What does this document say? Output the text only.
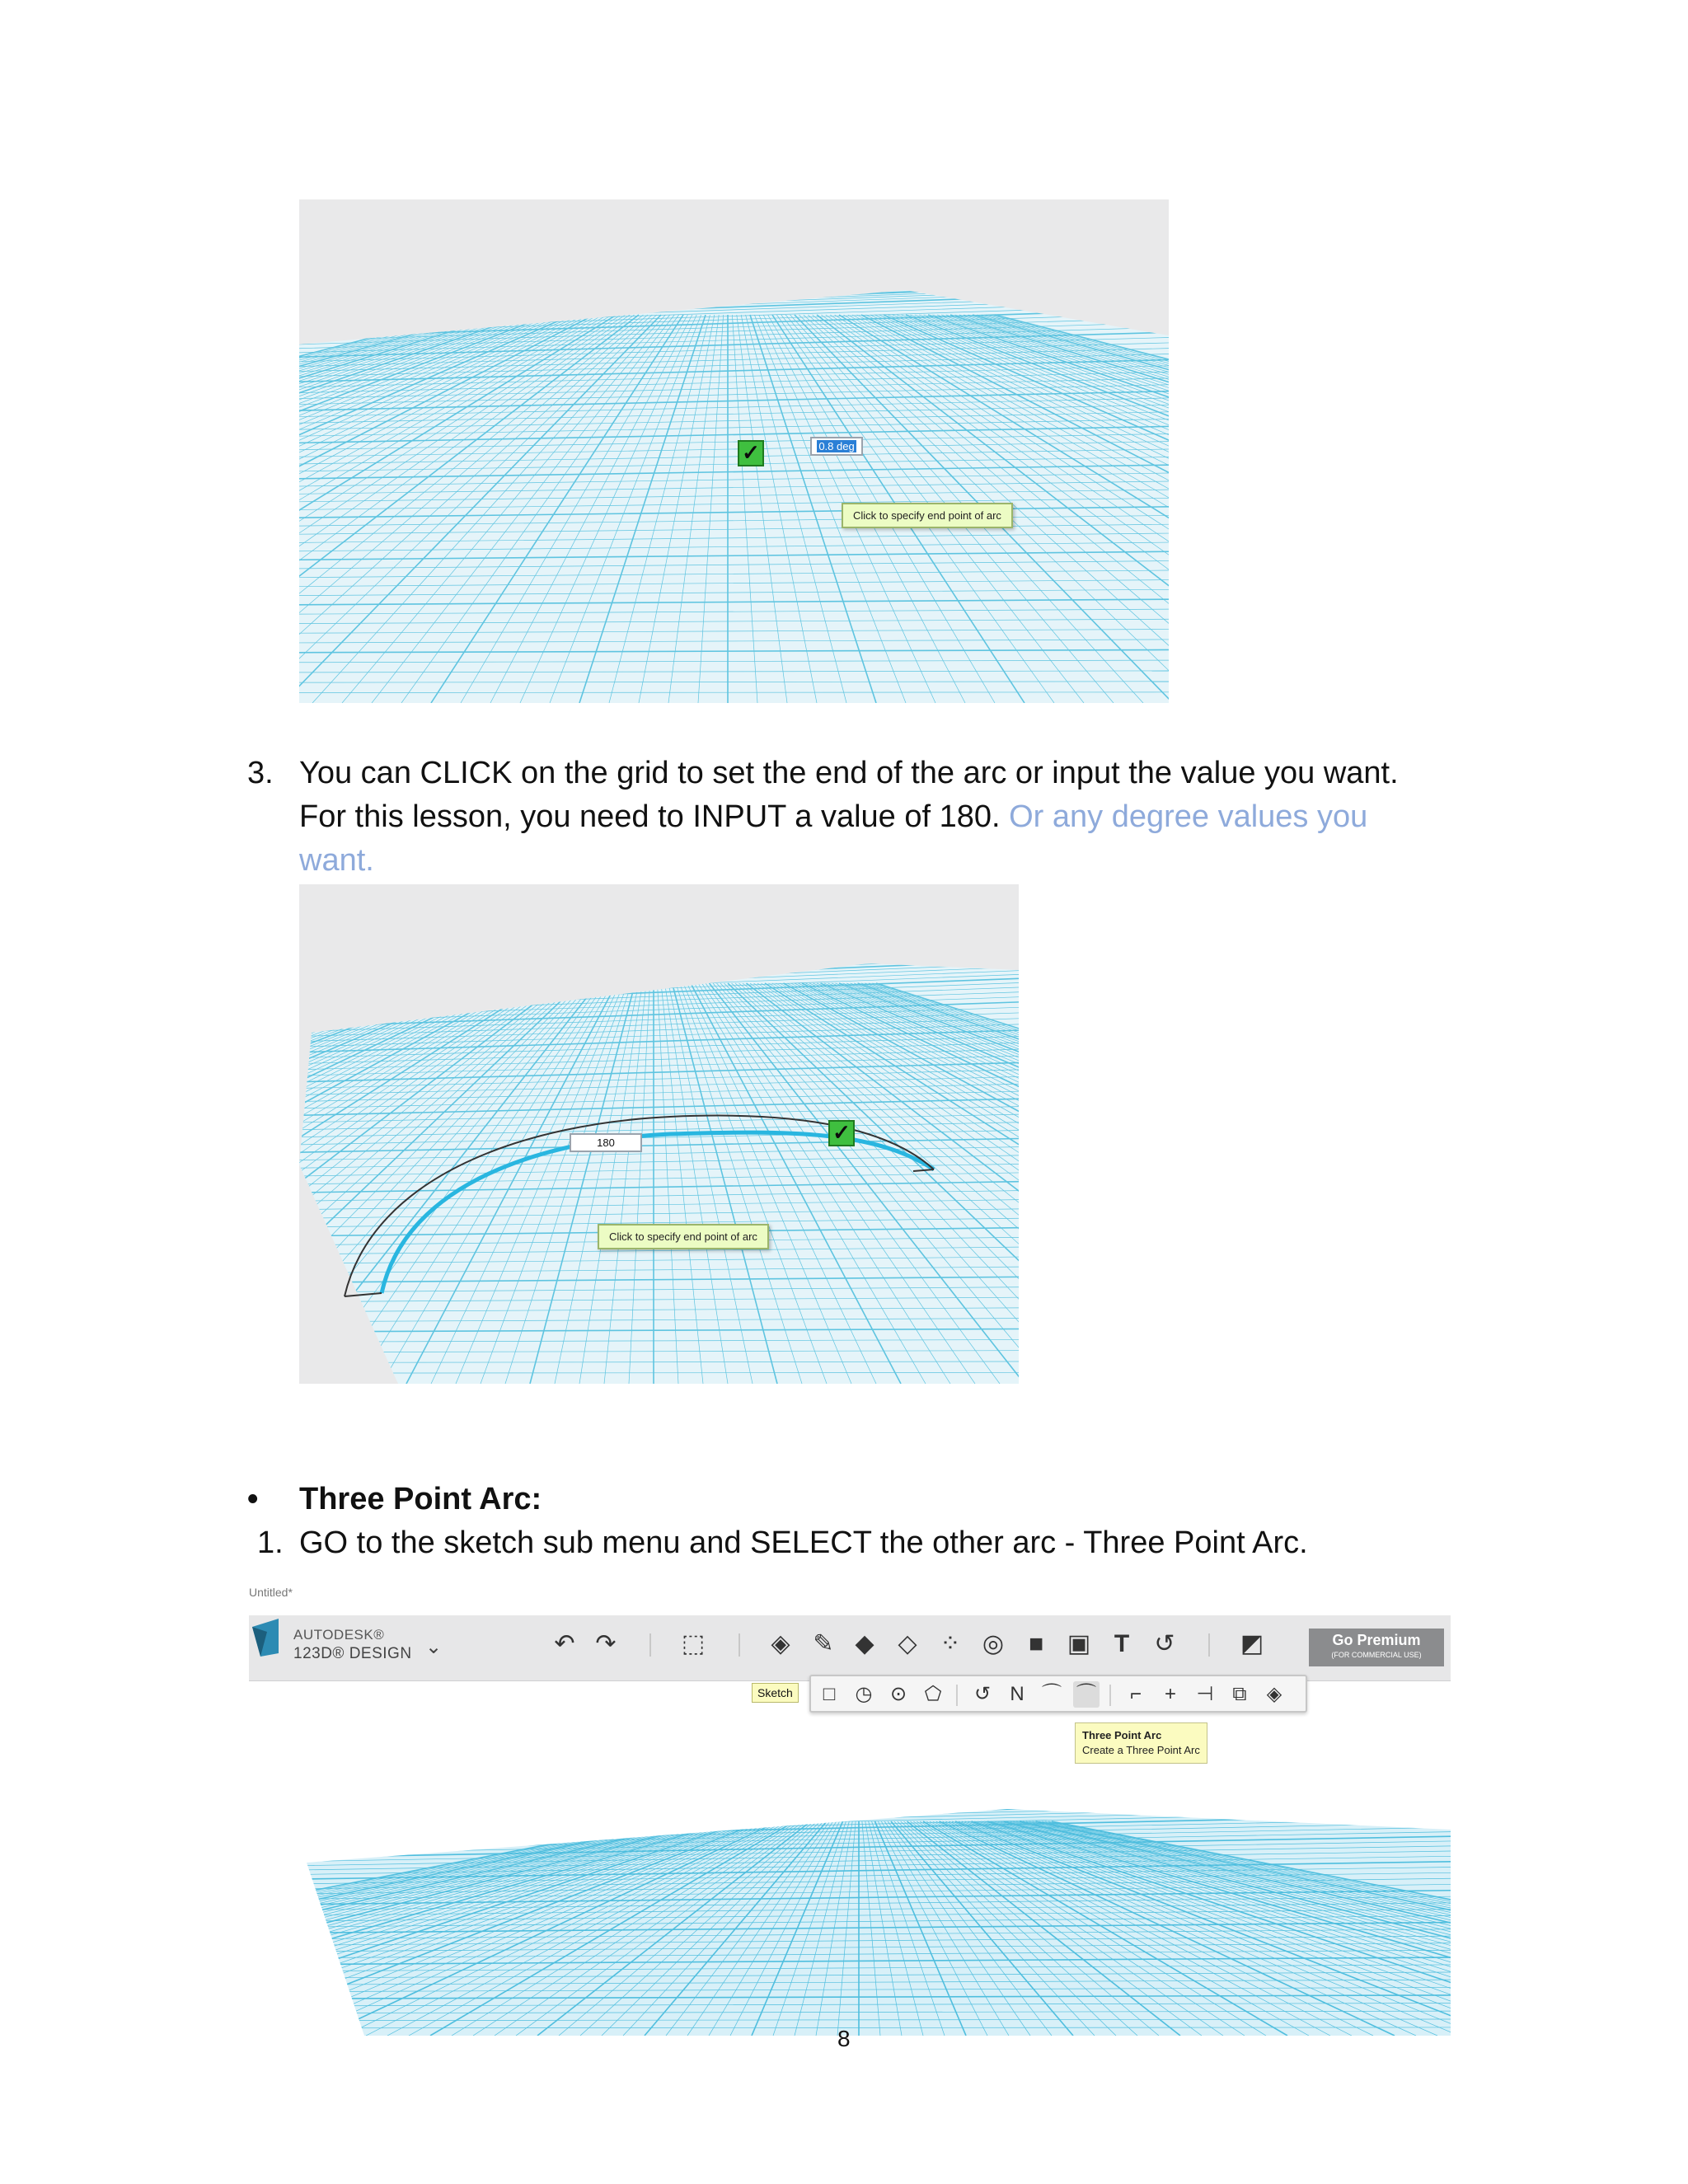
✓	0.8 deg
Click to specify end point of arc
3. You can CLICK on the grid to set the end of the arc or input the value you want.
For this lesson, you need to INPUT a value of 180. Or any degree values you
want.
180	✓
Click to specify end point of arc
• Three Point Arc:
1. GO to the sketch sub menu and SELECT the other arc - Three Point Arc.
Untitled*
AUTODESK®
123D® DESIGN ⌄	↶ ↷	⬚	◈ ✎ ◆ ◇ ⁘ ◎ ■ ▣ T ↺	◩	Go Premium
(FOR COMMERCIAL USE)
Sketch	□	◷ ⊙ ⬠ ↺ N ⌒ ⌒	⌐	+	⊣ ⧉	◈
Three Point Arc
Create a Three Point Arc
8
